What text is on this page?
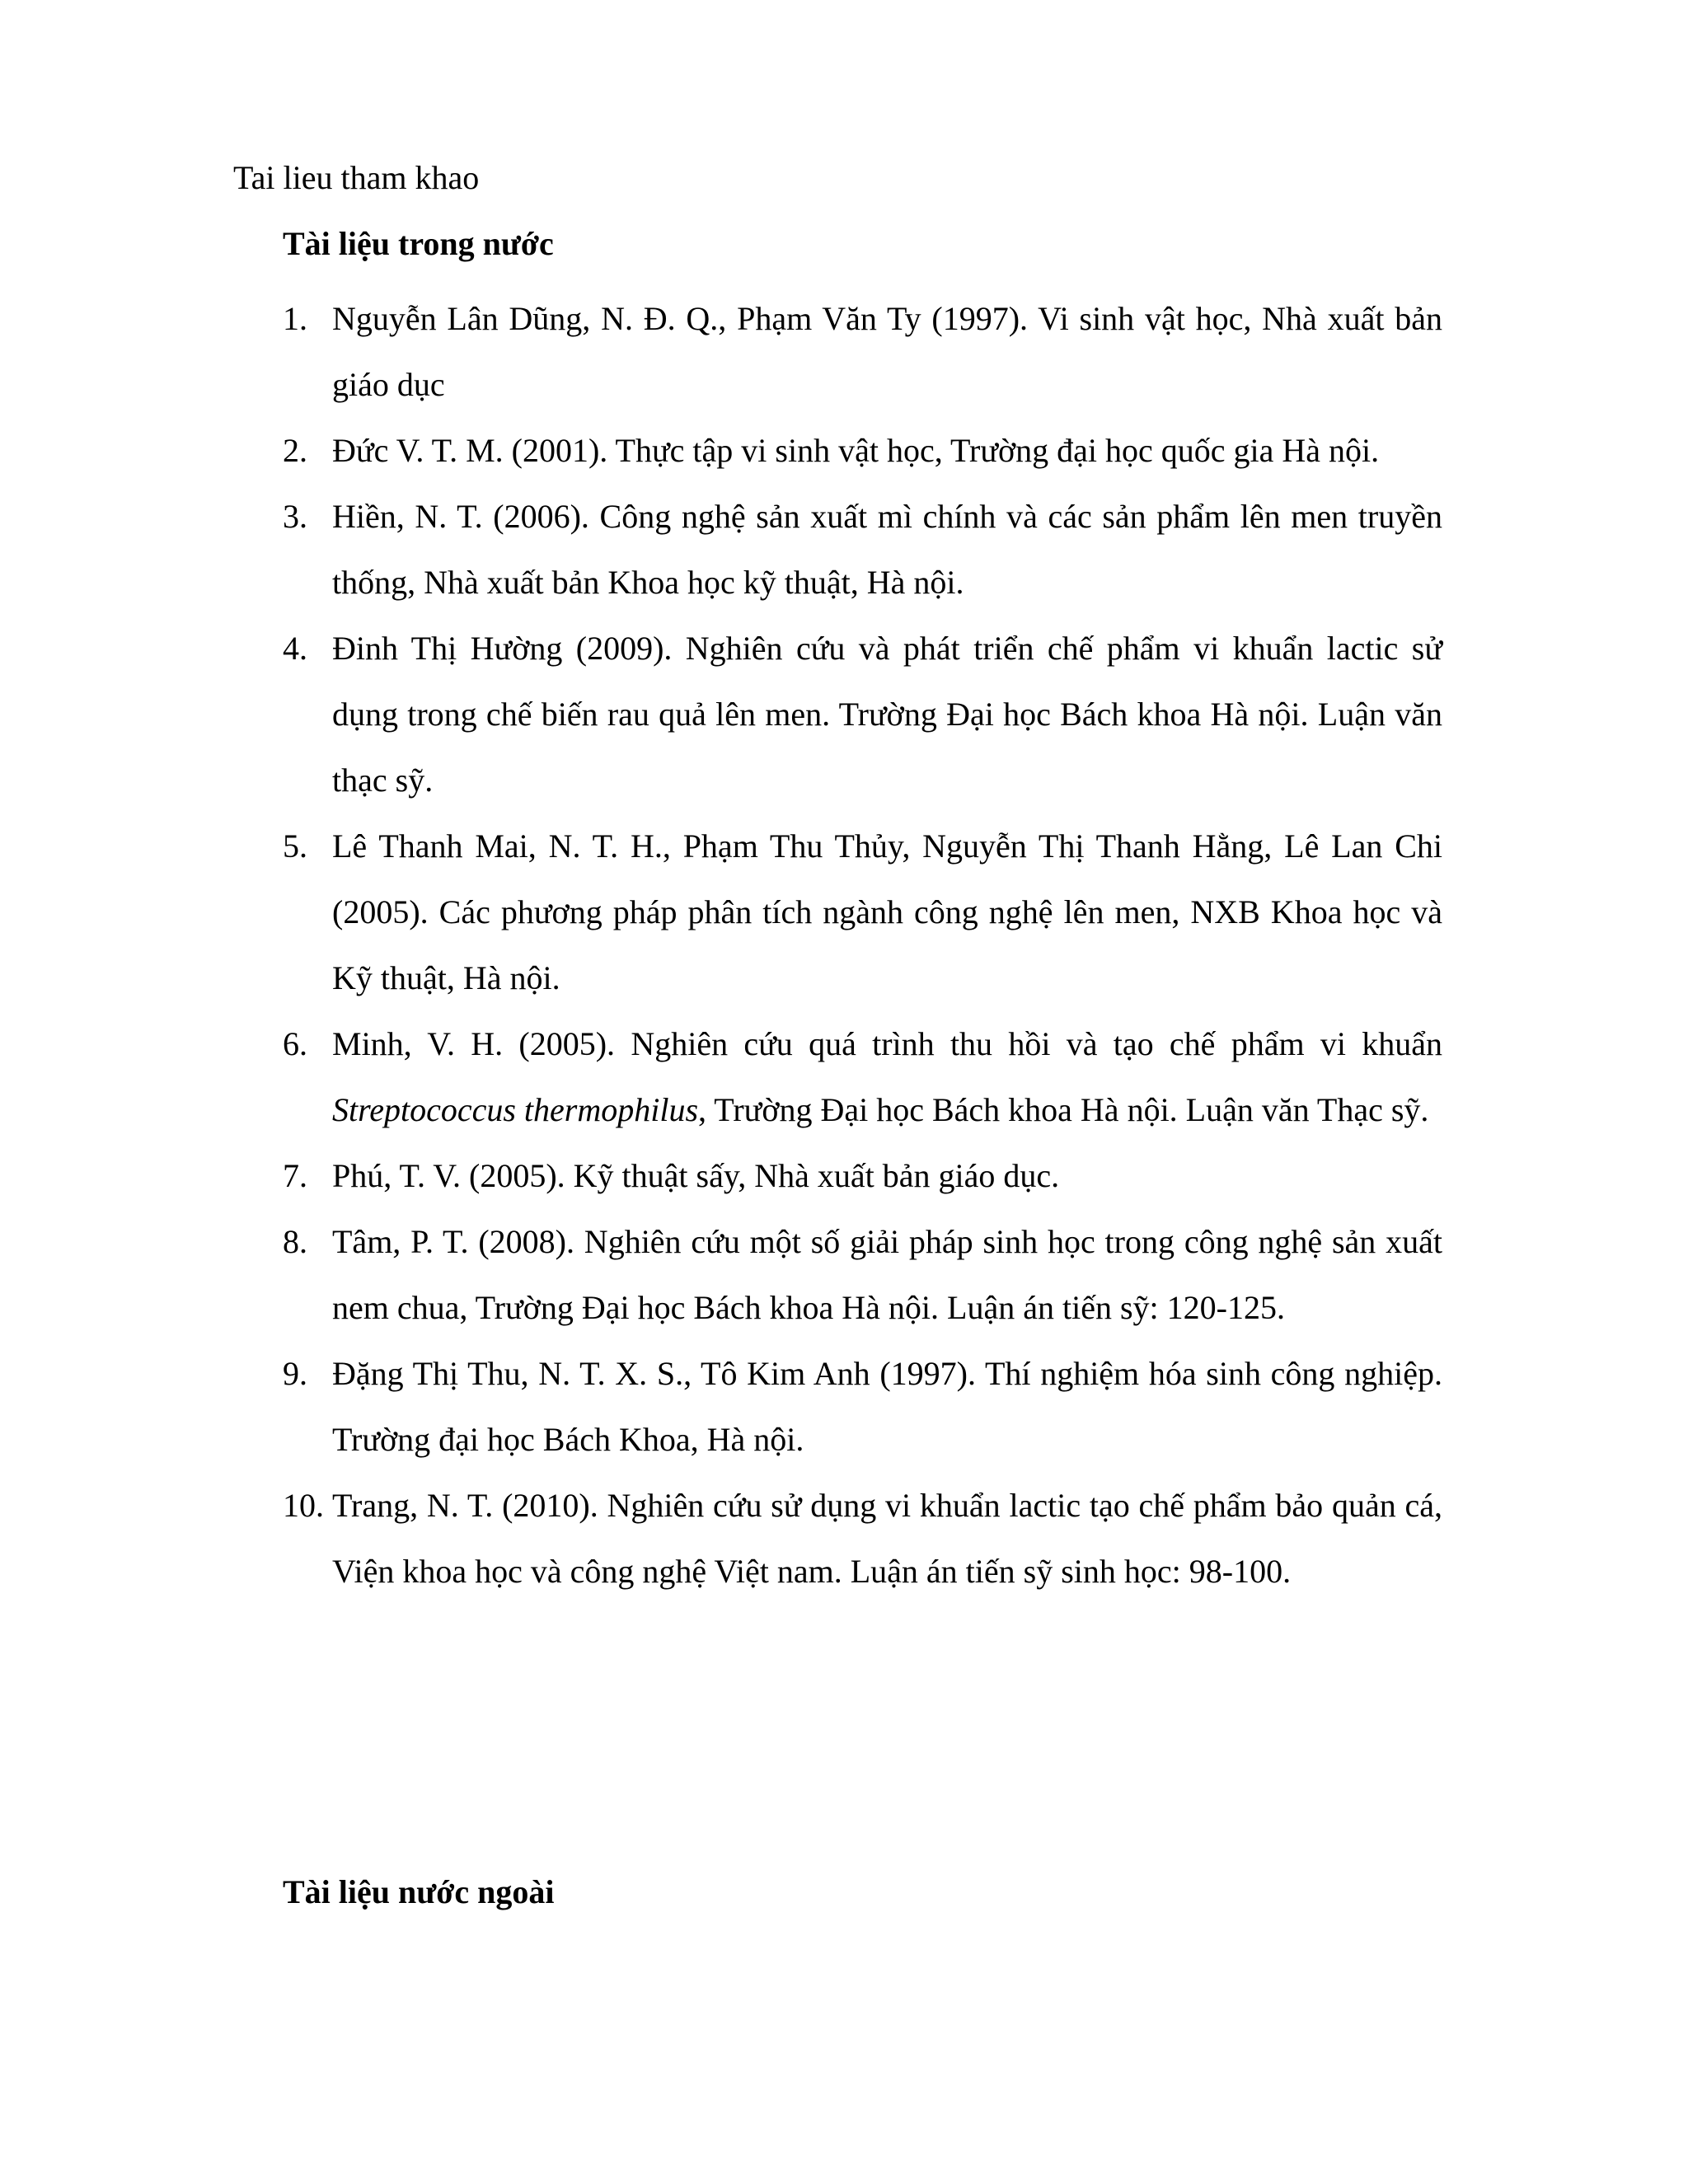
Tai lieu tham khao
Tài liệu trong nước
1. Nguyễn Lân Dũng, N. Đ. Q., Phạm Văn Ty (1997). Vi sinh vật học, Nhà xuất bản giáo dục
2. Đức V. T. M. (2001). Thực tập vi sinh vật học, Trường đại học quốc gia Hà nội.
3. Hiền, N. T. (2006). Công nghệ sản xuất mì chính và các sản phẩm lên men truyền thống, Nhà xuất bản Khoa học kỹ thuật, Hà nội.
4. Đinh Thị Hường (2009). Nghiên cứu và phát triển chế phẩm vi khuẩn lactic sử dụng trong chế biến rau quả lên men. Trường Đại học Bách khoa Hà nội. Luận văn thạc sỹ.
5. Lê Thanh Mai, N. T. H., Phạm Thu Thủy, Nguyễn Thị Thanh Hằng, Lê Lan Chi (2005). Các phương pháp phân tích ngành công nghệ lên men, NXB Khoa học và Kỹ thuật, Hà nội.
6. Minh, V. H. (2005). Nghiên cứu quá trình thu hồi và tạo chế phẩm vi khuẩn Streptococcus thermophilus, Trường Đại học Bách khoa Hà nội. Luận văn Thạc sỹ.
7. Phú, T. V. (2005). Kỹ thuật sấy, Nhà xuất bản giáo dục.
8. Tâm, P. T. (2008). Nghiên cứu một số giải pháp sinh học trong công nghệ sản xuất nem chua, Trường Đại học Bách khoa Hà nội. Luận án tiến sỹ: 120-125.
9. Đặng Thị Thu, N. T. X. S., Tô Kim Anh (1997). Thí nghiệm hóa sinh công nghiệp. Trường đại học Bách Khoa, Hà nội.
10. Trang, N. T. (2010). Nghiên cứu sử dụng vi khuẩn lactic tạo chế phẩm bảo quản cá, Viện khoa học và công nghệ Việt nam. Luận án tiến sỹ sinh học: 98-100.
Tài liệu nước ngoài
